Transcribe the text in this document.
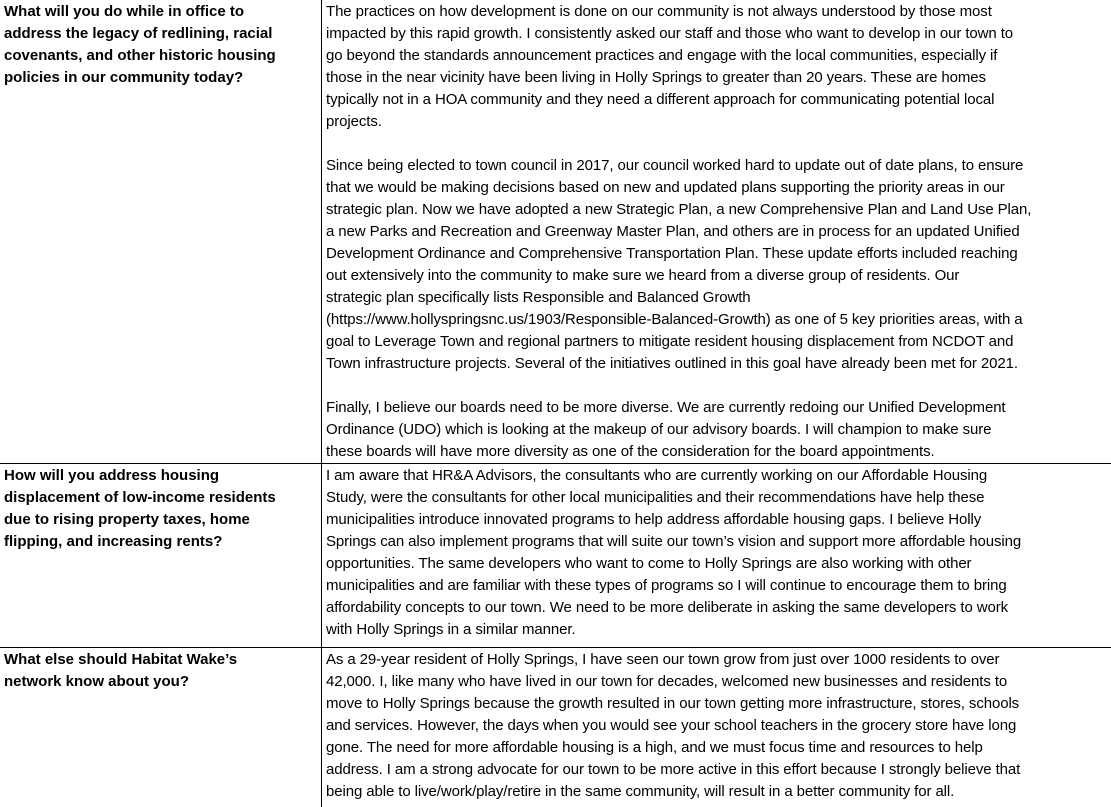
What will you do while in office to
address the legacy of redlining, racial
covenants, and other historic housing
policies in our community today?
The practices on how development is done on our community is not always understood by those most
impacted by this rapid growth. I consistently asked our staff and those who want to develop in our town to
go beyond the standards announcement practices and engage with the local communities, especially if
those in the near vicinity have been living in Holly Springs to greater than 20 years. These are homes
typically not in a HOA community and they need a different approach for communicating potential local
projects.
Since being elected to town council in 2017, our council worked hard to update out of date plans, to ensure
that we would be making decisions based on new and updated plans supporting the priority areas in our
strategic plan. Now we have adopted a new Strategic Plan, a new Comprehensive Plan and Land Use Plan,
a new Parks and Recreation and Greenway Master Plan, and others are in process for an updated Unified
Development Ordinance and Comprehensive Transportation Plan. These update efforts included reaching
out extensively into the community to make sure we heard from a diverse group of residents. Our
strategic plan specifically lists Responsible and Balanced Growth
(https://www.hollyspringsnc.us/1903/Responsible-Balanced-Growth) as one of 5 key priorities areas, with a
goal to Leverage Town and regional partners to mitigate resident housing displacement from NCDOT and
Town infrastructure projects. Several of the initiatives outlined in this goal have already been met for 2021.
Finally, I believe our boards need to be more diverse. We are currently redoing our Unified Development
Ordinance (UDO) which is looking at the makeup of our advisory boards. I will champion to make sure
these boards will have more diversity as one of the consideration for the board appointments.
How will you address housing
displacement of low-income residents
due to rising property taxes, home
flipping, and increasing rents?
I am aware that HR&A Advisors, the consultants who are currently working on our Affordable Housing
Study, were the consultants for other local municipalities and their recommendations have help these
municipalities introduce innovated programs to help address affordable housing gaps. I believe Holly
Springs can also implement programs that will suite our town’s vision and support more affordable housing
opportunities. The same developers who want to come to Holly Springs are also working with other
municipalities and are familiar with these types of programs so I will continue to encourage them to bring
affordability concepts to our town. We need to be more deliberate in asking the same developers to work
with Holly Springs in a similar manner.
What else should Habitat Wake’s
network know about you?
As a 29-year resident of Holly Springs, I have seen our town grow from just over 1000 residents to over
42,000. I, like many who have lived in our town for decades, welcomed new businesses and residents to
move to Holly Springs because the growth resulted in our town getting more infrastructure, stores, schools
and services. However, the days when you would see your school teachers in the grocery store have long
gone. The need for more affordable housing is a high, and we must focus time and resources to help
address. I am a strong advocate for our town to be more active in this effort because I strongly believe that
being able to live/work/play/retire in the same community, will result in a better community for all.
